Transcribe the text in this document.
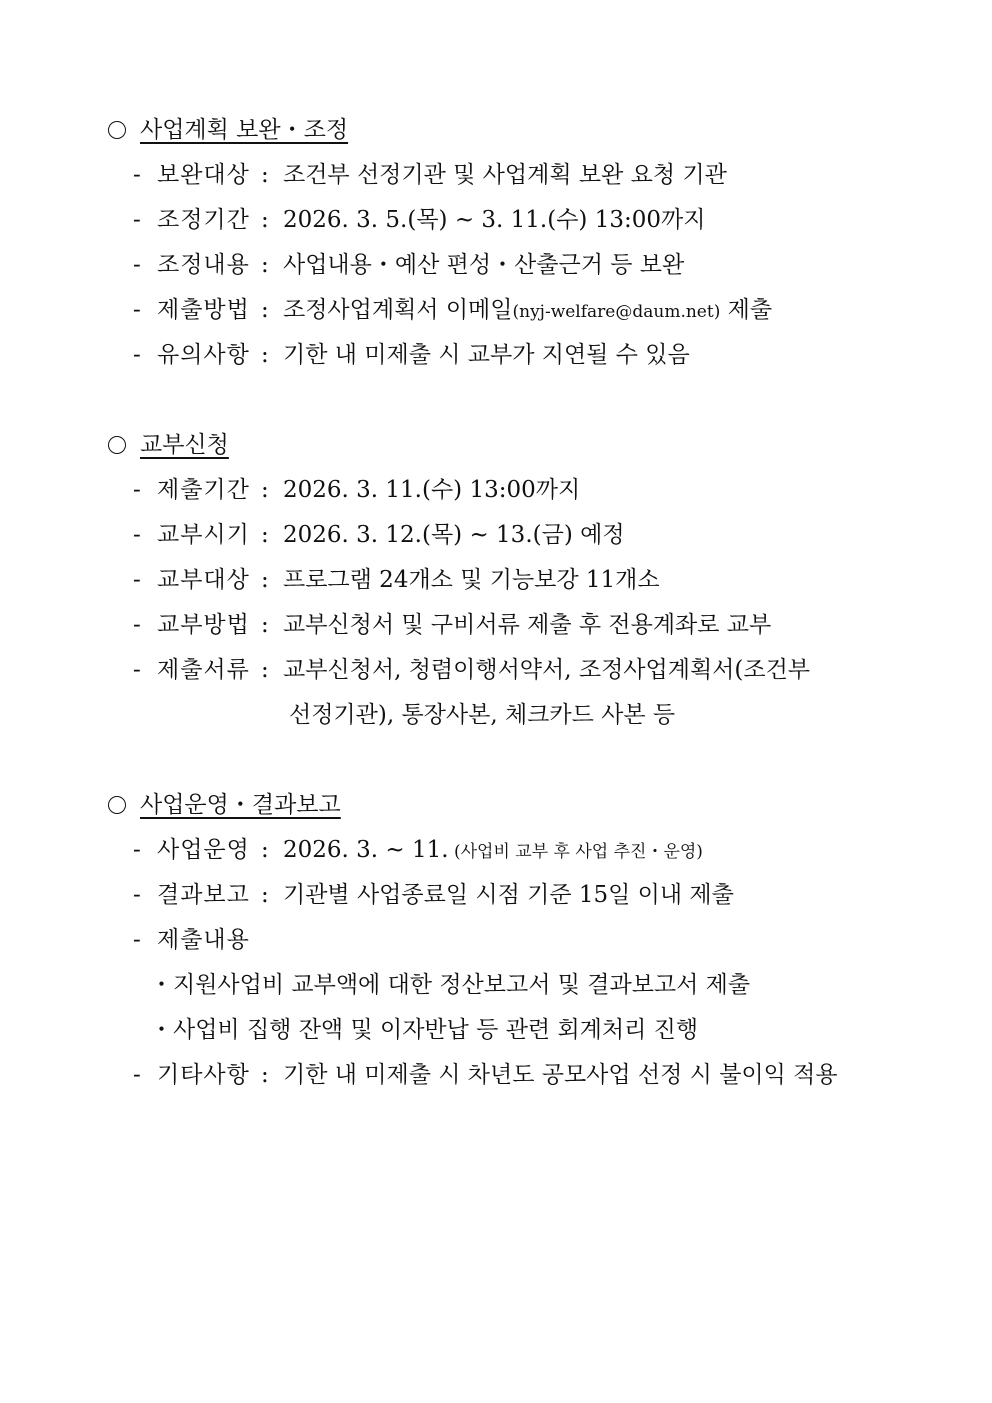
사업계획 보완・조정
- 보완대상 : 조건부 선정기관 및 사업계획 보완 요청 기관
- 조정기간 : 2026. 3. 5.(목) ~ 3. 11.(수) 13:00까지
- 조정내용 : 사업내용・예산 편성・산출근거 등 보완
- 제출방법 : 조정사업계획서 이메일(nyj-welfare@daum.net) 제출
- 유의사항 : 기한 내 미제출 시 교부가 지연될 수 있음
교부신청
- 제출기간 : 2026. 3. 11.(수) 13:00까지
- 교부시기 : 2026. 3. 12.(목) ~ 13.(금) 예정
- 교부대상 : 프로그램 24개소 및 기능보강 11개소
- 교부방법 : 교부신청서 및 구비서류 제출 후 전용계좌로 교부
- 제출서류 : 교부신청서, 청렴이행서약서, 조정사업계획서(조건부
선정기관), 통장사본, 체크카드 사본 등
사업운영・결과보고
- 사업운영 : 2026. 3. ~ 11. (사업비 교부 후 사업 추진・운영)
- 결과보고 : 기관별 사업종료일 시점 기준 15일 이내 제출
- 제출내용
・지원사업비 교부액에 대한 정산보고서 및 결과보고서 제출
・사업비 집행 잔액 및 이자반납 등 관련 회계처리 진행
- 기타사항 : 기한 내 미제출 시 차년도 공모사업 선정 시 불이익 적용
